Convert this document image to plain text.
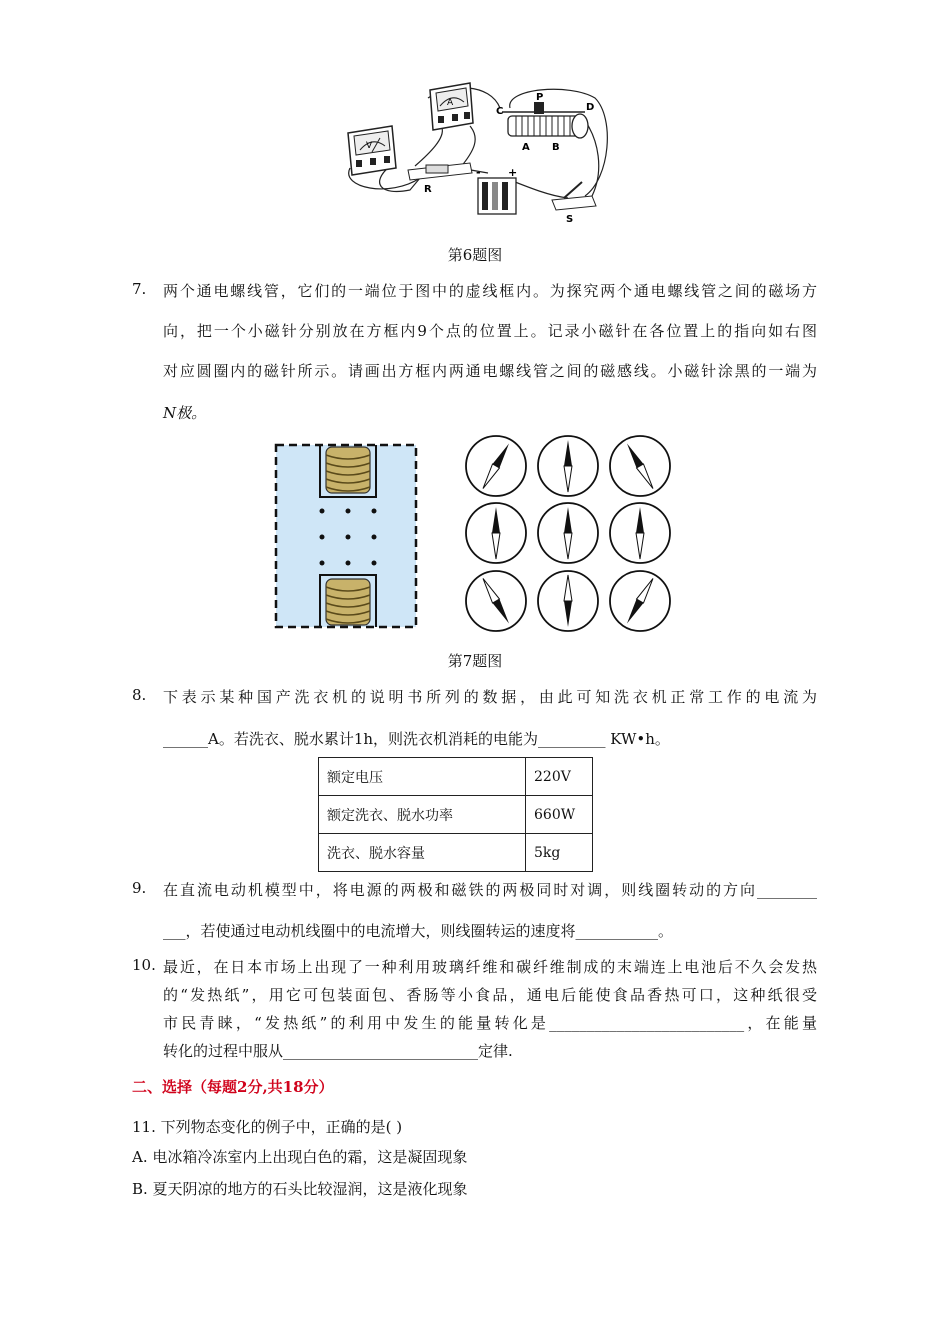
V
A	P
C	D
A B
R
- +
S
第6题图
7. 两个通电螺线管，它们的一端位于图中的虚线框内。为探究两个通电螺线管之间的磁场方
向，把一个小磁针分别放在方框内9个点的位置上。记录小磁针在各位置上的指向如右图
对应圆圈内的磁针所示。请画出方框内两通电螺线管之间的磁感线。小磁针涂黑的一端为
N极。
第7题图
8. 下表示某种国产洗衣机的说明书所列的数据，由此可知洗衣机正常工作的电流为
______A。若洗衣、脱水累计1h，则洗衣机消耗的电能为_________ KW•h。
额定电压	220V
额定洗衣、脱水功率	660W
洗衣、脱水容量	5kg
9. 在直流电动机模型中，将电源的两极和磁铁的两极同时对调，则线圈转动的方向________
___，若使通过电动机线圈中的电流增大，则线圈转运的速度将___________。
10. 最近，在日本市场上出现了一种利用玻璃纤维和碳纤维制成的末端连上电池后不久会发热
的“发热纸”，用它可包装面包、香肠等小食品，通电后能使食品香热可口，这种纸很受
市民青睐，“发热纸”的利用中发生的能量转化是__________________________，在能量
转化的过程中服从__________________________定律.
二、选择（每题2分,共18分）
11. 下列物态变化的例子中，正确的是( )
A. 电冰箱冷冻室内上出现白色的霜，这是凝固现象
B. 夏天阴凉的地方的石头比较湿润，这是液化现象
